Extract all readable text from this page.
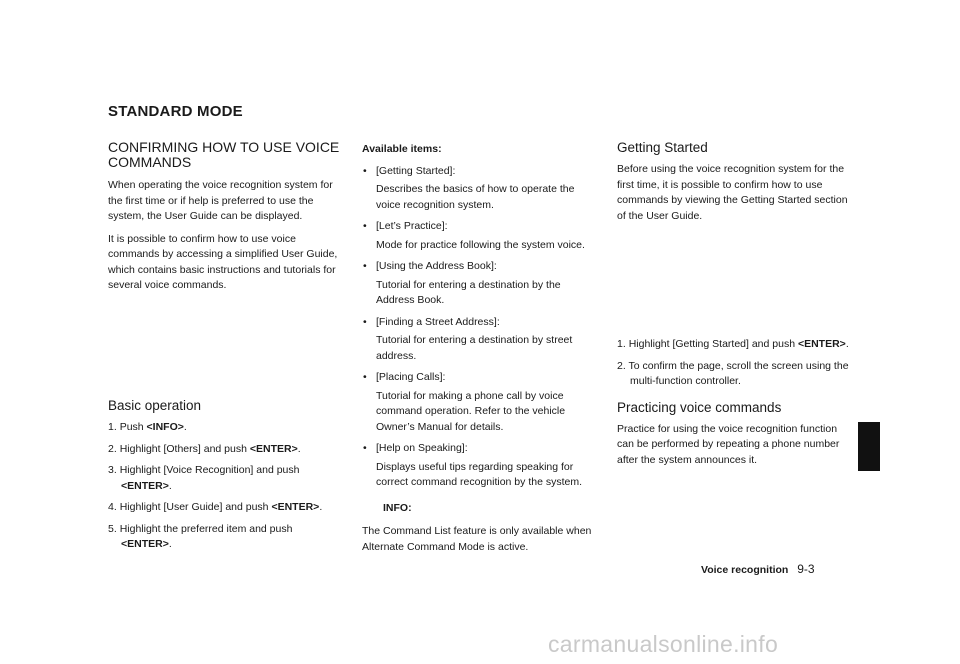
STANDARD MODE
CONFIRMING HOW TO USE VOICE COMMANDS

When operating the voice recognition system for the first time or if help is preferred to use the system, the User Guide can be displayed.

It is possible to confirm how to use voice commands by accessing a simplified User Guide, which contains basic instructions and tutorials for several voice commands.

Basic operation
1. Push <INFO>.
2. Highlight [Others] and push <ENTER>.
3. Highlight [Voice Recognition] and push <ENTER>.
4. Highlight [User Guide] and push <ENTER>.
5. Highlight the preferred item and push <ENTER>.
Available items:
• [Getting Started]:
Describes the basics of how to operate the voice recognition system.
• [Let’s Practice]:
Mode for practice following the system voice.
• [Using the Address Book]:
Tutorial for entering a destination by the Address Book.
• [Finding a Street Address]:
Tutorial for entering a destination by street address.
• [Placing Calls]:
Tutorial for making a phone call by voice command operation. Refer to the vehicle Owner’s Manual for details.
• [Help on Speaking]:
Displays useful tips regarding speaking for correct command recognition by the system.
INFO:

The Command List feature is only available when Alternate Command Mode is active.

Getting Started

Before using the voice recognition system for the first time, it is possible to confirm how to use commands by viewing the Getting Started section of the User Guide.

1. Highlight [Getting Started] and push <ENTER>.
2. To confirm the page, scroll the screen using the multi-function controller.
Practicing voice commands

Practice for using the voice recognition function can be performed by repeating a phone number after the system announces it.

Voice recognition 9-3
carmanualsonline.info
